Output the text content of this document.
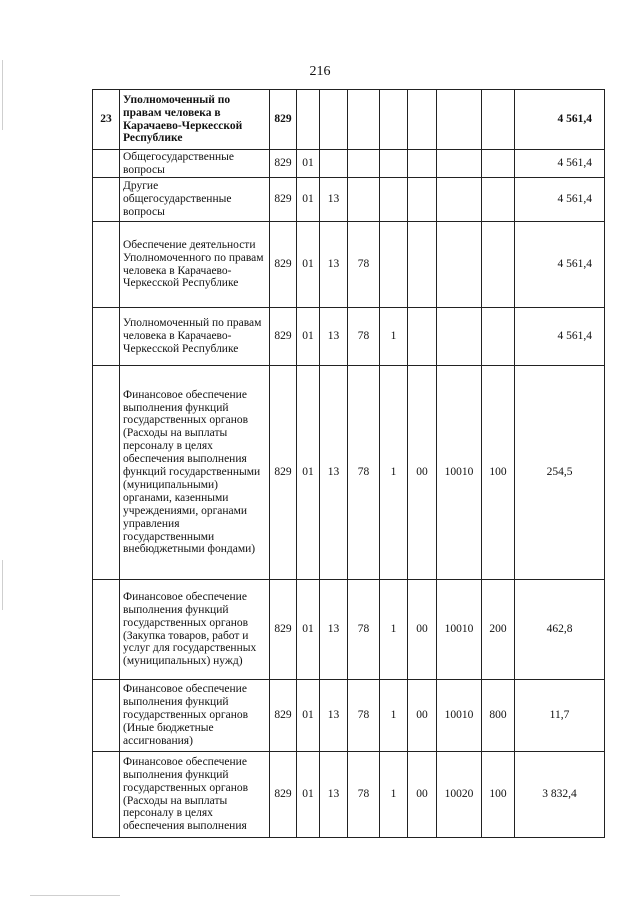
216
23	Уполномоченный по правам человека в Карачаево-Черкесской Республике	829								4 561,4
	Общегосударственные вопросы	829	01							4 561,4
	Другие общегосударственные вопросы	829	01	13						4 561,4
	Обеспечение деятельности Уполномоченного по правам человека в Карачаево-Черкесской Республике	829	01	13	78					4 561,4
	Уполномоченный по правам человека в Карачаево-Черкесской Республике	829	01	13	78	1				4 561,4
	Финансовое обеспечение выполнения функций государственных органов (Расходы на выплаты персоналу в целях обеспечения выполнения функций государственными (муниципальными) органами, казенными учреждениями, органами управления государственными внебюджетными фондами)	829	01	13	78	1	00	10010	100	254,5
	Финансовое обеспечение выполнения функций государственных органов (Закупка товаров, работ и услуг для государственных (муниципальных) нужд)	829	01	13	78	1	00	10010	200	462,8
	Финансовое обеспечение выполнения функций государственных органов (Иные бюджетные ассигнования)	829	01	13	78	1	00	10010	800	11,7
	Финансовое обеспечение выполнения функций государственных органов (Расходы на выплаты персоналу в целях обеспечения выполнения	829	01	13	78	1	00	10020	100	3 832,4
